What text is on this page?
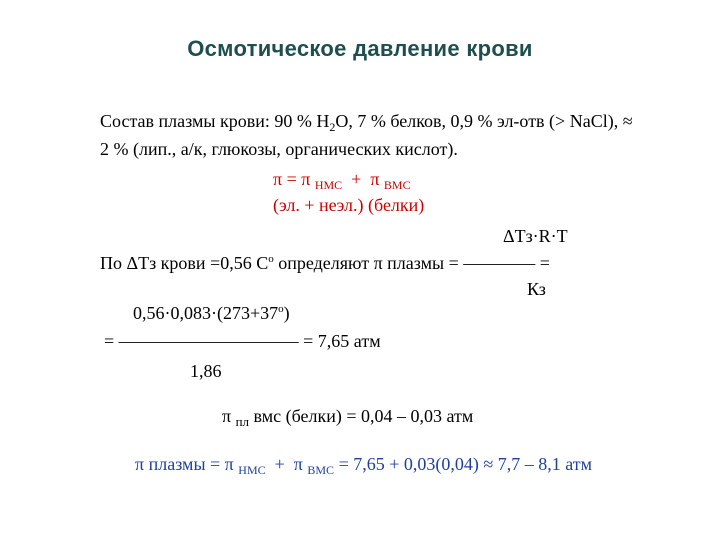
Осмотическое давление крови
Состав плазмы крови: 90 % $H_2O$, 7 % белков, 0,9 % эл-отв (> NaCl), ≈
2 % (лип., а/к, глюкозы, органических кислот).
π = π $_{НМС}$ + π $_{ВМС}$
(эл. + неэл.) (белки)
ΔТз·R·T
По ΔТз крови =0,56 $С^о$ определяют π плазмы = ———— =
Кз
$0,56\cdot 0,083\cdot(273+37^о)$
= —————————— = 7,65 атм
1,86
π $_{пл}$ вмс (белки) = 0,04 – 0,03 атм
π плазмы = π $_{НМС}$ + π $_{ВМС}$ = 7,65 + 0,03(0,04) ≈ 7,7 – 8,1 атм
